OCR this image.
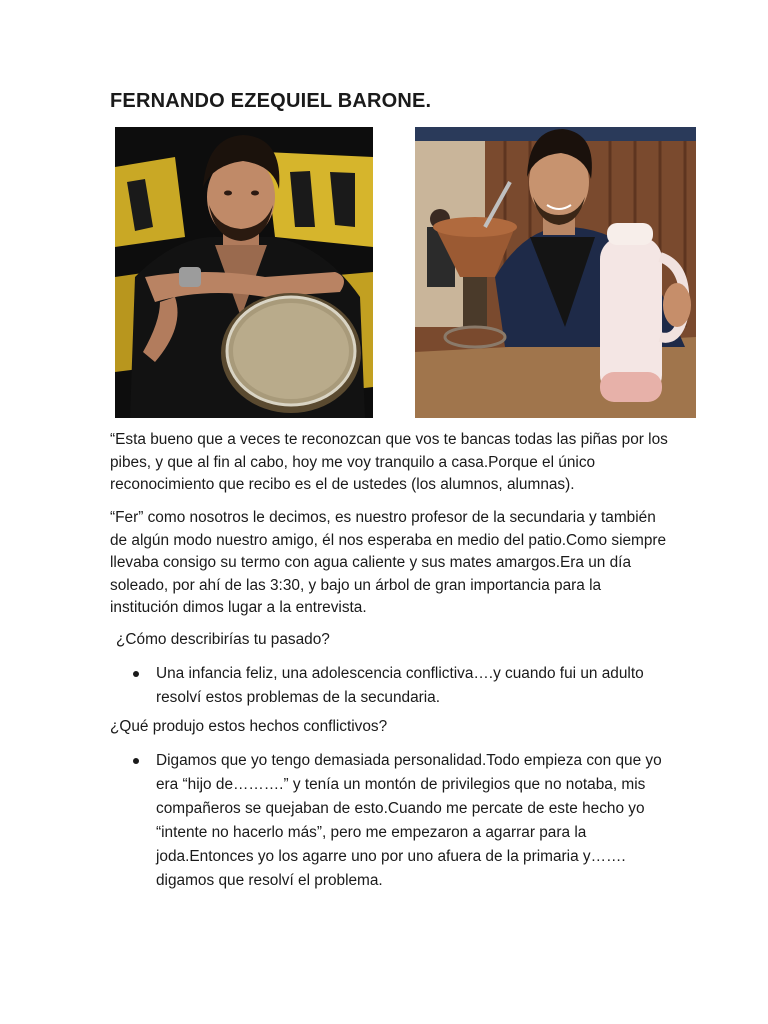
FERNANDO EZEQUIEL BARONE.

“Esta bueno que a veces te reconozcan que vos te bancas todas las piñas por los pibes, y que al fin al cabo, hoy me voy tranquilo a casa.Porque el único reconocimiento que recibo es el de ustedes (los alumnos, alumnas).

“Fer” como nosotros le decimos, es nuestro profesor de la secundaria y también de algún modo nuestro amigo, él nos esperaba en medio del patio.Como siempre llevaba consigo su termo con agua caliente y sus mates amargos.Era un día soleado, por ahí de las 3:30, y bajo un árbol de gran importancia para la institución dimos lugar a la entrevista.

¿Cómo describirías tu pasado?

Una infancia feliz, una adolescencia conflictiva….y cuando fui un adulto resolví estos problemas de la secundaria.

¿Qué produjo estos hechos conflictivos?

Digamos que yo tengo demasiada personalidad.Todo empieza con que yo era “hijo de……….” y tenía un montón de privilegios que no notaba, mis compañeros se quejaban de esto.Cuando me percate de este hecho yo “intente no hacerlo más”, pero me empezaron a agarrar para la joda.Entonces yo los agarre uno por uno afuera de la primaria y……. digamos que resolví el problema.
